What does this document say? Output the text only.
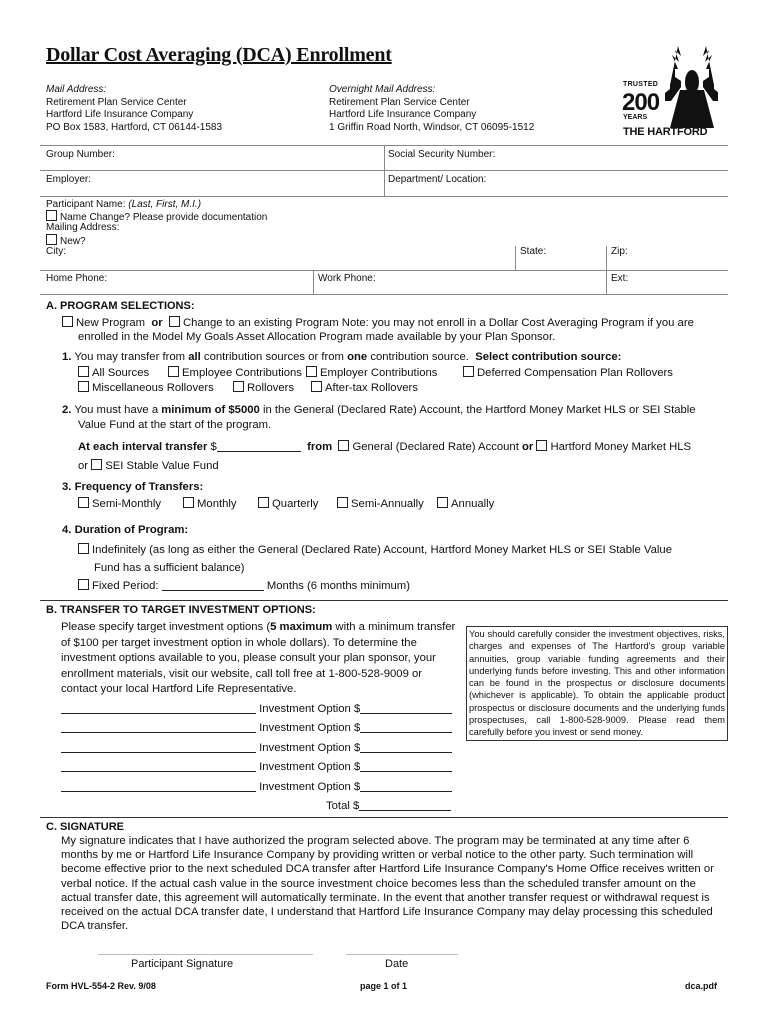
Dollar Cost Averaging (DCA) Enrollment
Mail Address:
Retirement Plan Service Center
Hartford Life Insurance Company
PO Box 1583, Hartford, CT 06144-1583
Overnight Mail Address:
Retirement Plan Service Center
Hartford Life Insurance Company
1 Griffin Road North, Windsor, CT 06095-1512
TRUSTED
200
YEARS
THE HARTFORD
Group Number:	Social Security Number:
Employer:	Department/ Location:
Participant Name: (Last, First, M.I.)
Name Change? Please provide documentation
Mailing Address:
New?
City:	State:	Zip:
Home Phone:	Work Phone:	Ext:
A. PROGRAM SELECTIONS:
New Program or Change to an existing Program Note: you may not enroll in a Dollar Cost Averaging Program if you are
enrolled in the Model My Goals Asset Allocation Program made available by your Plan Sponsor.
1. You may transfer from all contribution sources or from one contribution source. Select contribution source:
All Sources	Employee Contributions	Employer Contributions	Deferred Compensation Plan Rollovers
Miscellaneous Rollovers	Rollovers	After-tax Rollovers
2. You must have a minimum of $5000 in the General (Declared Rate) Account, the Hartford Money Market HLS or SEI Stable
Value Fund at the start of the program.
At each interval transfer $	from General (Declared Rate) Account or Hartford Money Market HLS
or SEI Stable Value Fund
3. Frequency of Transfers:
Semi-Monthly	Monthly	Quarterly	Semi-Annually	Annually
4. Duration of Program:
Indefinitely (as long as either the General (Declared Rate) Account, Hartford Money Market HLS or SEI Stable Value
Fund has a sufficient balance)
Fixed Period:	Months (6 months minimum)
B. TRANSFER TO TARGET INVESTMENT OPTIONS:
Please specify target investment options (5 maximum with a minimum transfer
of $100 per target investment option in whole dollars). To determine the
investment options available to you, please consult your plan sponsor, your
enrollment materials, visit our website, call toll free at 1-800-528-9009 or
contact your local Hartford Life Representative.
You should carefully consider the investment objectives, risks, charges and expenses of The Hartford's group variable annuities, group variable funding agreements and their underlying funds before investing. This and other information can be found in the prospectus or disclosure documents (whichever is applicable). To obtain the applicable product prospectus or disclosure documents and the underlying funds prospectuses, call 1-800-528-9009. Please read them carefully before you invest or send money.
Investment Option $
Investment Option $
Investment Option $
Investment Option $
Investment Option $
Total $
C. SIGNATURE
My signature indicates that I have authorized the program selected above. The program may be terminated at any time after 6 months by me or Hartford Life Insurance Company by providing written or verbal notice to the other party. Such termination will become effective prior to the next scheduled DCA transfer after Hartford Life Insurance Company's Home Office receives written or verbal notice. If the actual cash value in the source investment choice becomes less than the scheduled transfer amount on the actual transfer date, this agreement will automatically terminate. In the event that another transfer request or withdrawal request is received on the actual DCA transfer date, I understand that Hartford Life Insurance Company may delay processing this scheduled DCA transfer.
Participant Signature	Date
Form HVL-554-2 Rev. 9/08	page 1 of 1	dca.pdf
